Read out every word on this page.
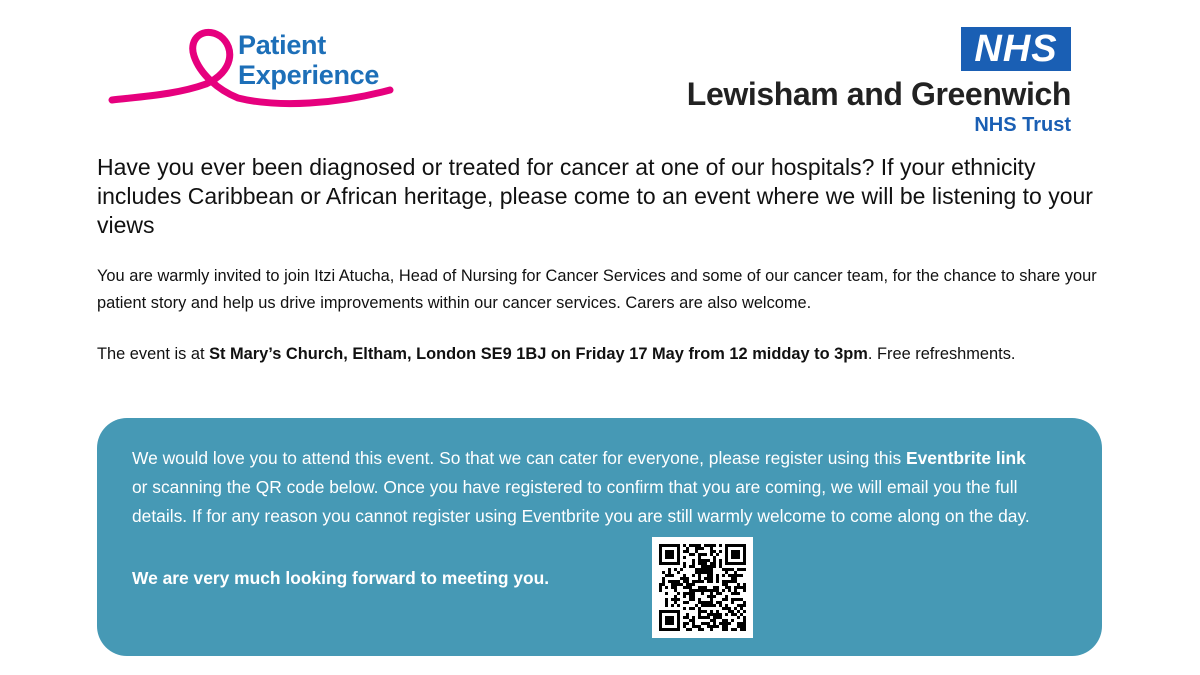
Patient
Experience
NHS
Lewisham and Greenwich
NHS Trust
Have you ever been diagnosed or treated for cancer at one of our hospitals? If your ethnicity includes Caribbean or African heritage, please come to an event where we will be listening to your views
You are warmly invited to join Itzi Atucha, Head of Nursing for Cancer Services and some of our cancer team, for the chance to share your patient story and help us drive improvements within our cancer services. Carers are also welcome.
The event is at St Mary’s Church, Eltham, London SE9 1BJ on Friday 17 May from 12 midday to 3pm. Free refreshments.
We would love you to attend this event. So that we can cater for everyone, please register using this Eventbrite link or scanning the QR code below. Once you have registered to confirm that you are coming, we will email you the full details. If for any reason you cannot register using Eventbrite you are still warmly welcome to come along on the day.
We are very much looking forward to meeting you.
